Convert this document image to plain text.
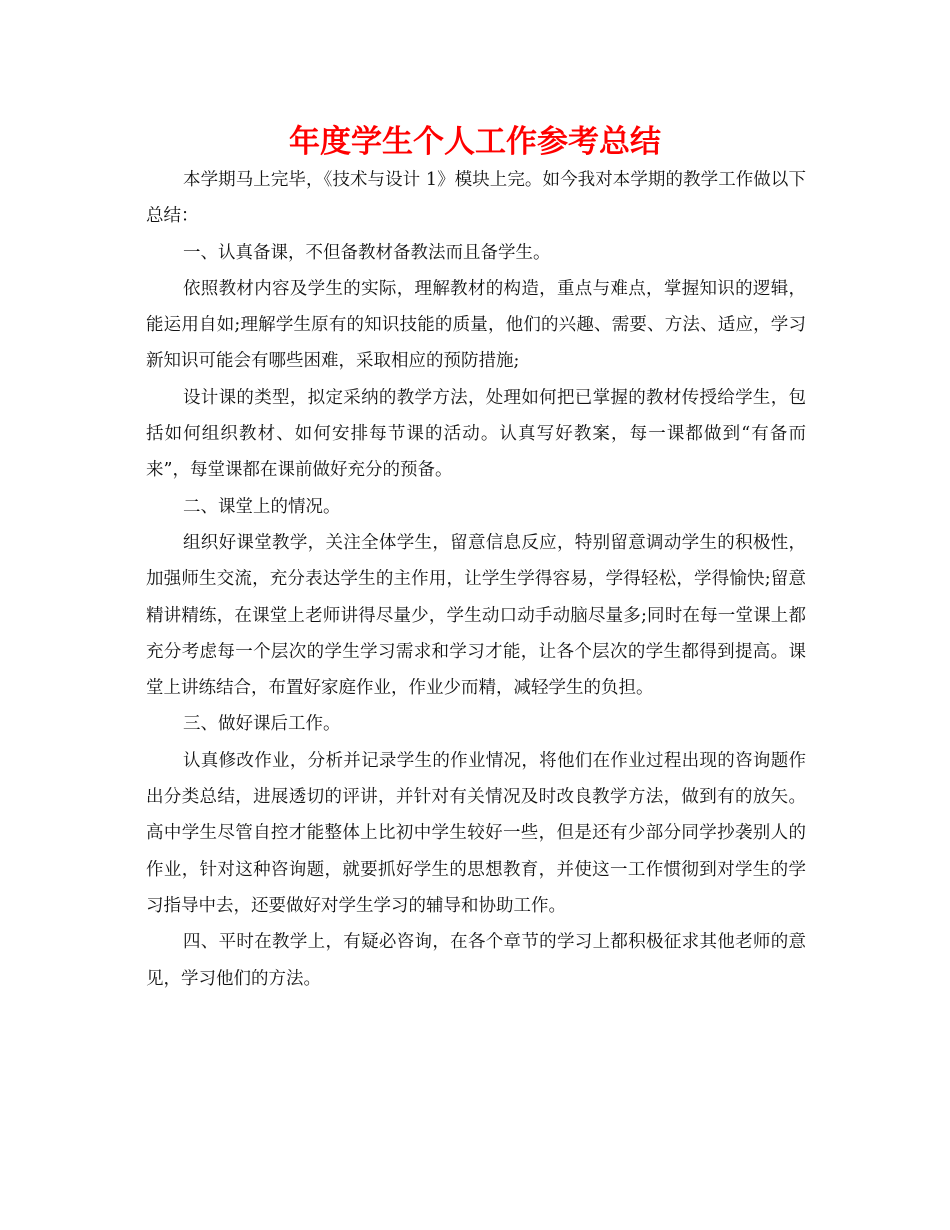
年度学生个人工作参考总结

本学期马上完毕，《技术与设计 1》模块上完。如今我对本学期的教学工作做以下总结：

一、认真备课，不但备教材备教法而且备学生。

依照教材内容及学生的实际，理解教材的构造，重点与难点，掌握知识的逻辑，能运用自如;理解学生原有的知识技能的质量，他们的兴趣、需要、方法、适应，学习新知识可能会有哪些困难，采取相应的预防措施;

设计课的类型，拟定采纳的教学方法，处理如何把已掌握的教材传授给学生，包括如何组织教材、如何安排每节课的活动。认真写好教案，每一课都做到“有备而来”，每堂课都在课前做好充分的预备。

二、课堂上的情况。

组织好课堂教学，关注全体学生，留意信息反应，特别留意调动学生的积极性，加强师生交流，充分表达学生的主作用，让学生学得容易，学得轻松，学得愉快;留意精讲精练，在课堂上老师讲得尽量少，学生动口动手动脑尽量多;同时在每一堂课上都充分考虑每一个层次的学生学习需求和学习才能，让各个层次的学生都得到提高。课堂上讲练结合，布置好家庭作业，作业少而精，减轻学生的负担。

三、做好课后工作。

认真修改作业，分析并记录学生的作业情况，将他们在作业过程出现的咨询题作出分类总结，进展透切的评讲，并针对有关情况及时改良教学方法，做到有的放矢。高中学生尽管自控才能整体上比初中学生较好一些，但是还有少部分同学抄袭别人的作业，针对这种咨询题，就要抓好学生的思想教育，并使这一工作惯彻到对学生的学习指导中去，还要做好对学生学习的辅导和协助工作。

四、平时在教学上，有疑必咨询，在各个章节的学习上都积极征求其他老师的意见，学习他们的方法。
